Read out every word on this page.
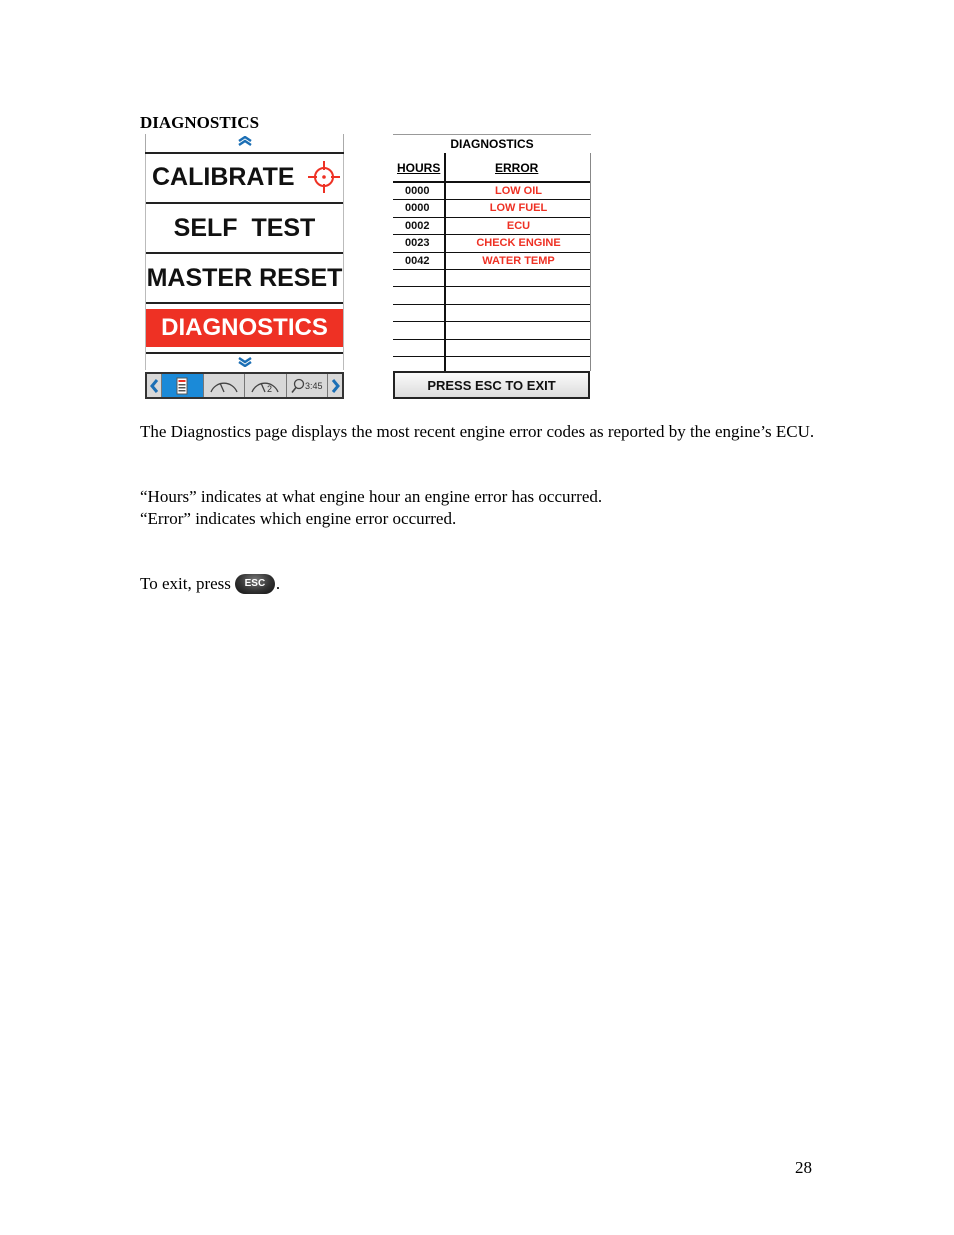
DIAGNOSTICS
CALIBRATE
SELF  TEST
MASTER RESET
DIAGNOSTICS
2	3:45
DIAGNOSTICS
HOURS	ERROR
0000	LOW OIL
0000	LOW FUEL
0002	ECU
0023	CHECK ENGINE
0042	WATER TEMP
PRESS ESC TO EXIT
The Diagnostics page displays the most recent engine error codes as reported by the engine’s ECU.
“Hours” indicates at what engine hour an engine error has occurred.
“Error” indicates which engine error occurred.
To exit, press	ESC .
28
